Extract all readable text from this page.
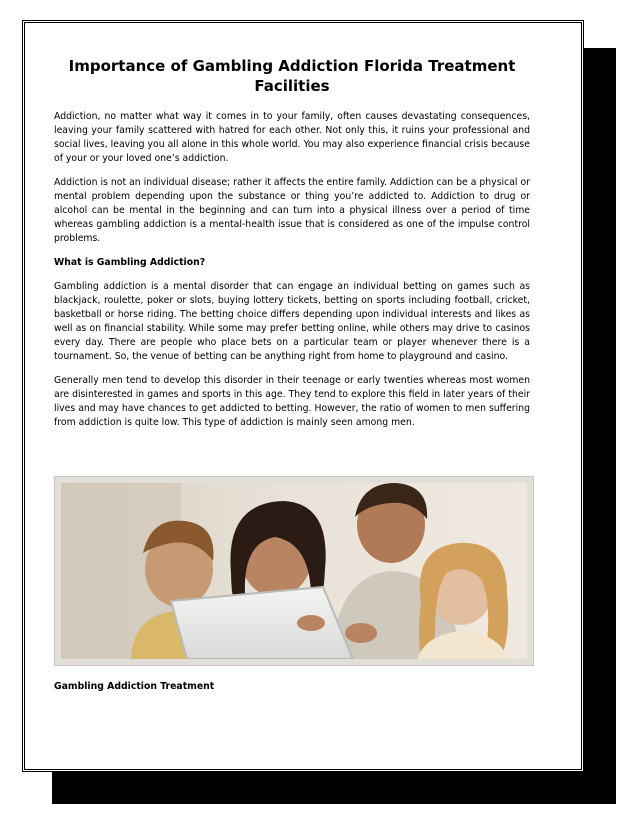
Importance of Gambling Addiction Florida Treatment Facilities

Addiction, no matter what way it comes in to your family, often causes devastating consequences, leaving your family scattered with hatred for each other. Not only this, it ruins your professional and social lives, leaving you all alone in this whole world. You may also experience financial crisis because of your or your loved one’s addiction.

Addiction is not an individual disease; rather it affects the entire family. Addiction can be a physical or mental problem depending upon the substance or thing you’re addicted to. Addiction to drug or alcohol can be mental in the beginning and can turn into a physical illness over a period of time whereas gambling addiction is a mental-health issue that is considered as one of the impulse control problems.

What is Gambling Addiction?

Gambling addiction is a mental disorder that can engage an individual betting on games such as blackjack, roulette, poker or slots, buying lottery tickets, betting on sports including football, cricket, basketball or horse riding. The betting choice differs depending upon individual interests and likes as well as on financial stability. While some may prefer betting online, while others may drive to casinos every day. There are people who place bets on a particular team or player whenever there is a tournament. So, the venue of betting can be anything right from home to playground and casino.

Generally men tend to develop this disorder in their teenage or early twenties whereas most women are disinterested in games and sports in this age. They tend to explore this field in later years of their lives and may have chances to get addicted to betting. However, the ratio of women to men suffering from addiction is quite low. This type of addiction is mainly seen among men.

Gambling Addiction Treatment
